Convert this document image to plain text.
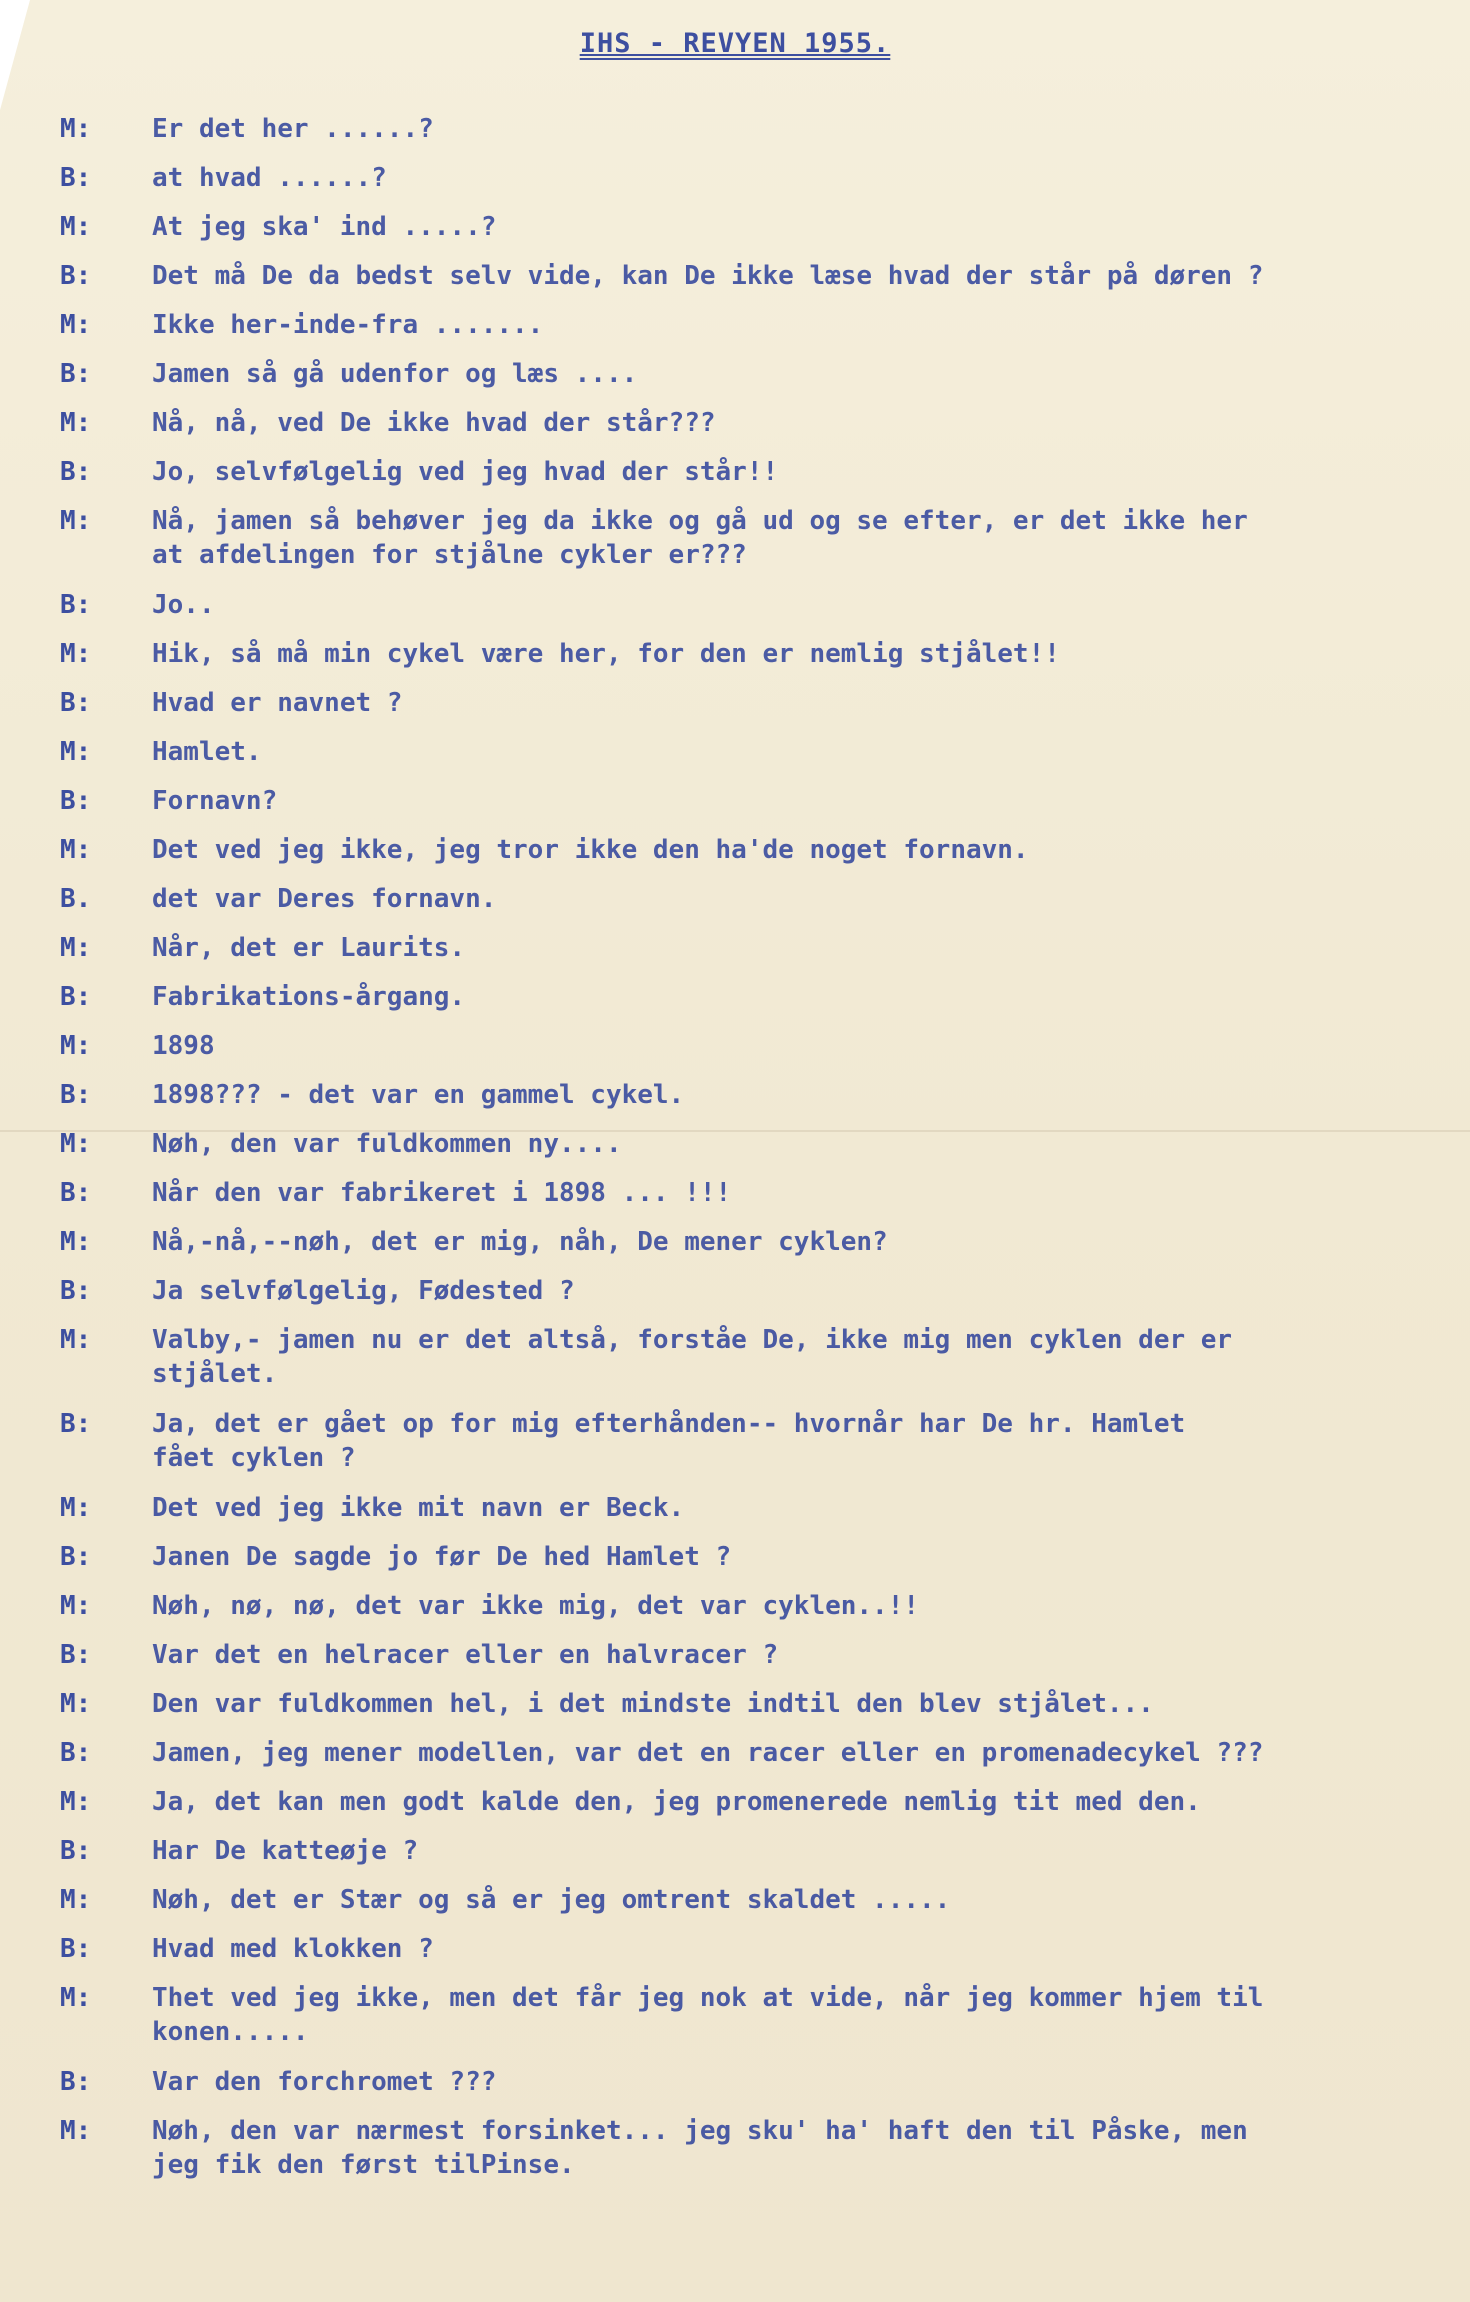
IHS - REVYEN 1955.
M:	Er det her ......?
B:	at hvad ......?
M:	At jeg ska' ind .....?
B:	Det må De da bedst selv vide, kan De ikke læse hvad der står på døren ?
M:	Ikke her-inde-fra .......
B:	Jamen så gå udenfor og læs ....
M:	Nå, nå, ved De ikke hvad der står???
B:	Jo, selvfølgelig ved jeg hvad der står!!
M:	Nå, jamen så behøver jeg da ikke og gå ud og se efter, er det ikke her
at afdelingen for stjålne cykler er???
B:	Jo..
M:	Hik, så må min cykel være her, for den er nemlig stjålet!!
B:	Hvad er navnet ?
M:	Hamlet.
B:	Fornavn?
M:	Det ved jeg ikke, jeg tror ikke den ha'de noget fornavn.
B.	det var Deres fornavn.
M:	Når, det er Laurits.
B:	Fabrikations-årgang.
M:	1898
B:	1898??? - det var en gammel cykel.
M:	Nøh, den var fuldkommen ny....
B:	Når den var fabrikeret i 1898 ... !!!
M:	Nå,-nå,--nøh, det er mig, nåh, De mener cyklen?
B:	Ja selvfølgelig, Fødested ?
M:	Valby,- jamen nu er det altså, forståe De, ikke mig men cyklen der er
stjålet.
B:	Ja, det er gået op for mig efterhånden-- hvornår har De hr. Hamlet
fået cyklen ?
M:	Det ved jeg ikke mit navn er Beck.
B:	Janen De sagde jo før De hed Hamlet ?
M:	Nøh, nø, nø, det var ikke mig, det var cyklen..!!
B:	Var det en helracer eller en halvracer ?
M:	Den var fuldkommen hel, i det mindste indtil den blev stjålet...
B:	Jamen, jeg mener modellen, var det en racer eller en promenadecykel ???
M:	Ja, det kan men godt kalde den, jeg promenerede nemlig tit med den.
B:	Har De katteøje ?
M:	Nøh, det er Stær og så er jeg omtrent skaldet .....
B:	Hvad med klokken ?
M:	Thet ved jeg ikke, men det får jeg nok at vide, når jeg kommer hjem til
konen.....
B:	Var den forchromet ???
M:	Nøh, den var nærmest forsinket... jeg sku' ha' haft den til Påske, men
jeg fik den først tilPinse.
